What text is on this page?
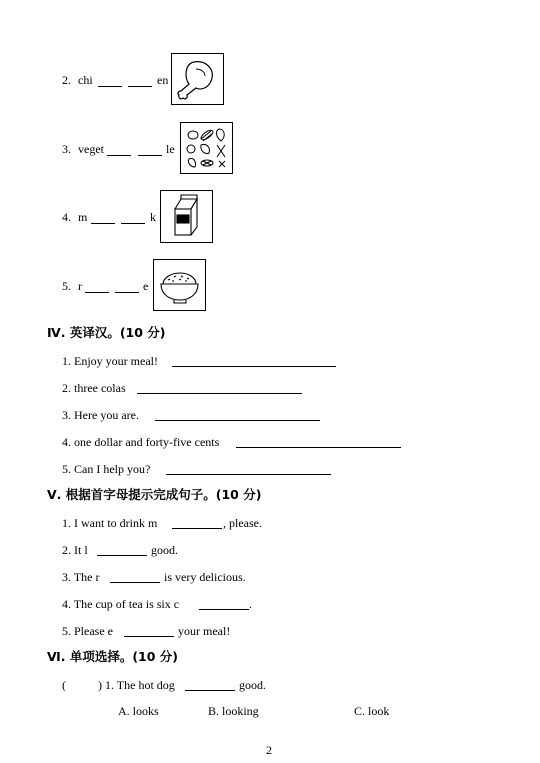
2. chi	en
3. veget	le
4. m	k
5. r	e
Ⅳ. 英译汉。(10 分)
1. Enjoy your meal!
2. three colas
3. Here you are.
4. one dollar and forty-five cents
5. Can I help you?
Ⅴ. 根据首字母提示完成句子。(10 分)
1. I want to drink m	, please.
2. It l	good.
3. The r	is very delicious.
4. The cup of tea is six c	.
5. Please e	your meal!
Ⅵ. 单项选择。(10 分)
(	) 1. The hot dog	good.
A. looks	B. looking	C. look
2
